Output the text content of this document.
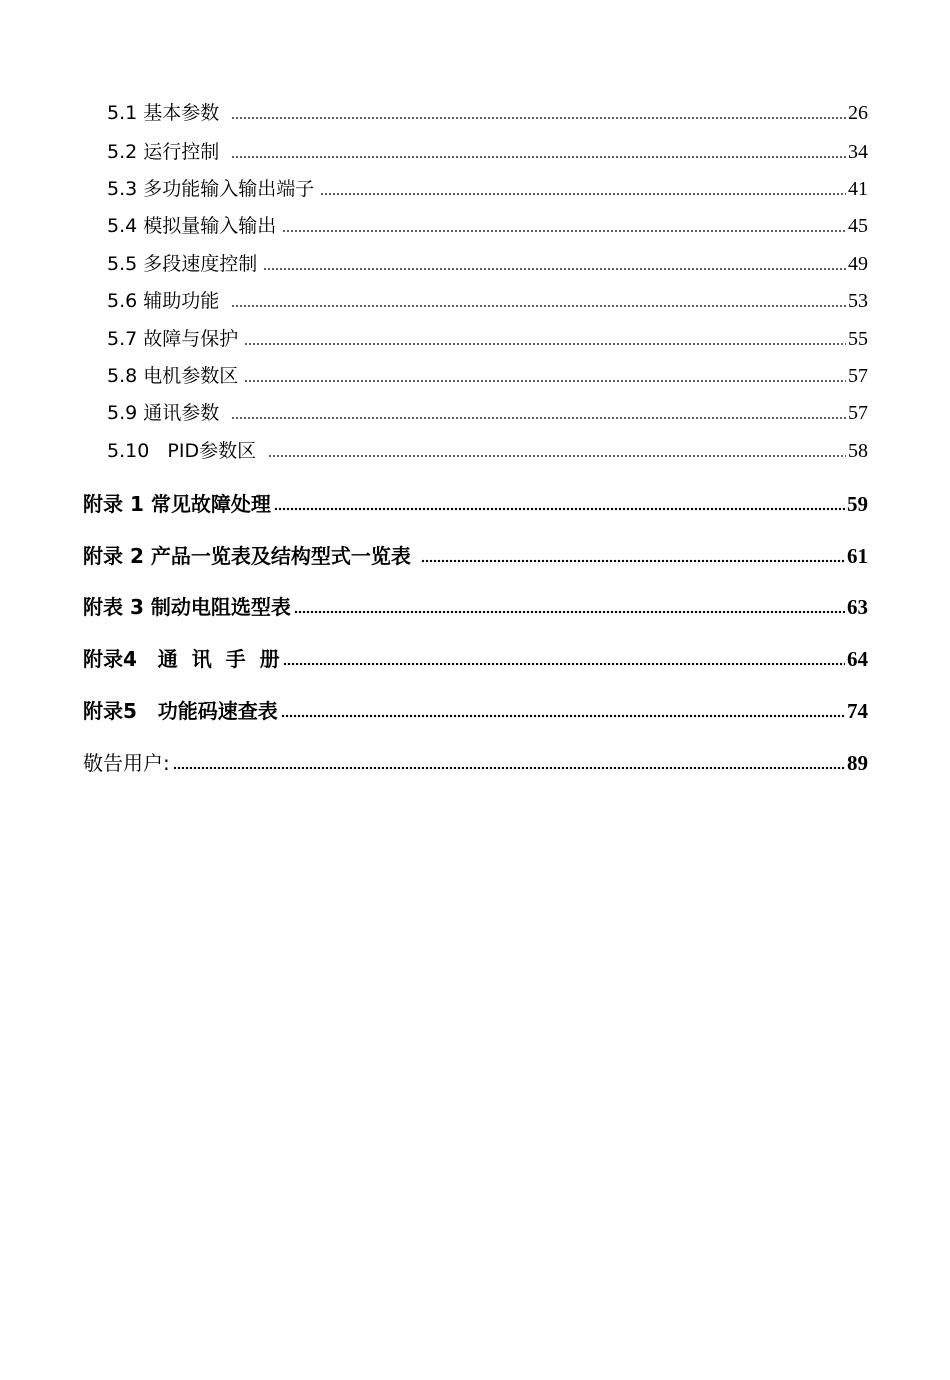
5.1 基本参数	26
5.2 运行控制	34
5.3 多功能输入输出端子	41
5.4 模拟量输入输出	45
5.5 多段速度控制	49
5.6 辅助功能	53
5.7 故障与保护	55
5.8 电机参数区	57
5.9 通讯参数	57
5.10   PID参数区	58
附录 1 常见故障处理	59
附录 2 产品一览表及结构型式一览表	61
附表 3 制动电阻选型表	63
附录4   通  讯  手  册	64
附录5   功能码速查表	74
敬告用户:	89
